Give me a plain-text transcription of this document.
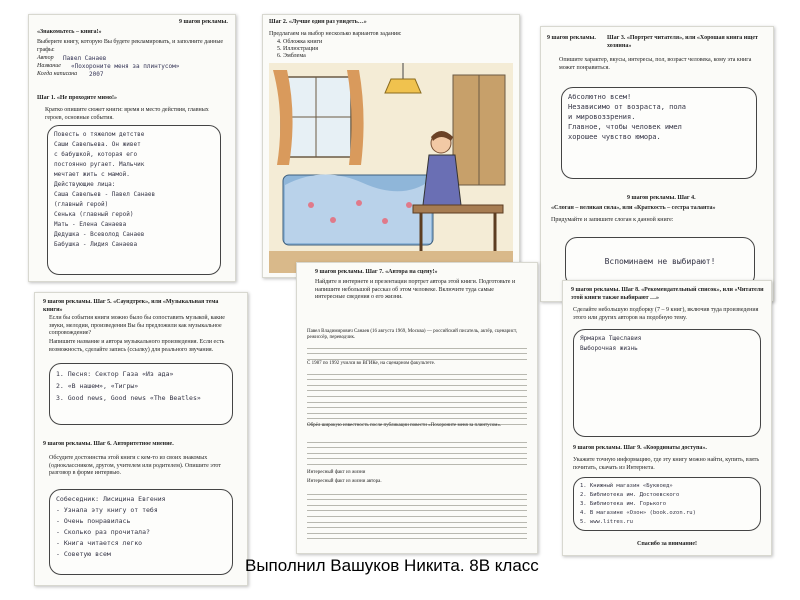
9 шагов рекламы.
«Знакомьтесь – книга!»
Выберите книгу, которую Вы будете рекламировать, и заполните данные графы:
Автор Павел Санаев
Название «Похороните меня за плинтусом»
Когда написана 2007
Шаг 1. «Не проходите мимо!»
Кратко опишите сюжет книги: время и место действия, главных героев, основные события.
Повесть о тяжелом детстве
Саши Савельева. Он живет
с бабушкой, которая его
постоянно ругает. Мальчик
мечтает жить с мамой.
Действующие лица:
Саша Савельев - Павел Санаев
(главный герой)
Сенька (главный герой)
Мать - Елена Санаева
Дедушка - Всеволод Санаев
Бабушка - Лидия Санаева
Шаг 2. «Лучше один раз увидеть…»
Предлагаем на выбор несколько вариантов задания:
4. Обложка книги
5. Иллюстрация
6. Эмблема
9 шагов рекламы. Шаг 3. «Портрет читателя», или «Хорошая книга ищет хозяина»
Опишите характер, вкусы, интересы, пол, возраст человека, кому эта книга может понравиться.
Абсолютно всем!
Независимо от возраста, пола
и мировоззрения.
Главное, чтобы человек имел
хорошее чувство юмора.
9 шагов рекламы. Шаг 4.
«Слоган – великая сила», или «Краткость – сестра таланта»
Придумайте и запишите слоган к данной книге:
Вспоминаем не выбирают!
9 шагов рекламы. Шаг 5. «Саундтрек», или «Музыкальная тема книги»
Если бы события книги можно было бы сопоставить музыкой, какие звуки, мелодии, произведения Вы бы предложили как музыкальное сопровождение?
Напишите название и автора музыкального произведения. Если есть возможность, сделайте запись (ссылку) для реального звучания.
1. Песня: Сектор Газа «Из ада»
2. «В нашем», «Тигры»
3. Good news, Good news «The Beatles»
9 шагов рекламы. Шаг 6. Авторитетное мнение.
Обсудите достоинства этой книги с кем-то из своих знакомых (одноклассником, другом, учителем или родителем). Опишите этот разговор в форме интервью.
Собеседник: Лисицина Евгения
- Узнала эту книгу от тебя
- Очень понравилась
- Сколько раз прочитала?
- Книга читается легко
- Советую всем
9 шагов рекламы. Шаг 7. «Автора на сцену!»
Найдите в интернете и презентации портрет автора этой книги. Подготовьте и напишите небольшой рассказ об этом человеке. Включите туда самые интересные сведения о его жизни.
Павел Владимирович Санаев (16 августа 1969, Москва) — российский писатель, актёр, сценарист, режиссёр, переводчик.
С 1987 по 1992 учился во ВГИКе, на сценарном факультете.
Обрёл широкую известность после публикации повести «Похороните меня за плинтусом».
Интересный факт из жизни
Интересный факт из жизни автора.
9 шагов рекламы. Шаг 8. «Рекомендательный список», или «Читатели этой книги также выбирают …»
Сделайте небольшую подборку (7 – 9 книг), включив туда произведения этого или других авторов на подобную тему.
Ярмарка Тщеславия
Выборочная жизнь
9 шагов рекламы. Шаг 9. «Координаты доступа».
Укажите точную информацию, где эту книгу можно найти, купить, взять почитать, скачать из Интернета.
1. Книжный магазин «Буквоед»
2. Библиотека им. Достоевского
3. Библиотека им. Горького
4. В магазине «Озон» (book.ozon.ru)
5. www.litres.ru
Спасибо за внимание!
Выполнил Вашуков Никита. 8В класс
